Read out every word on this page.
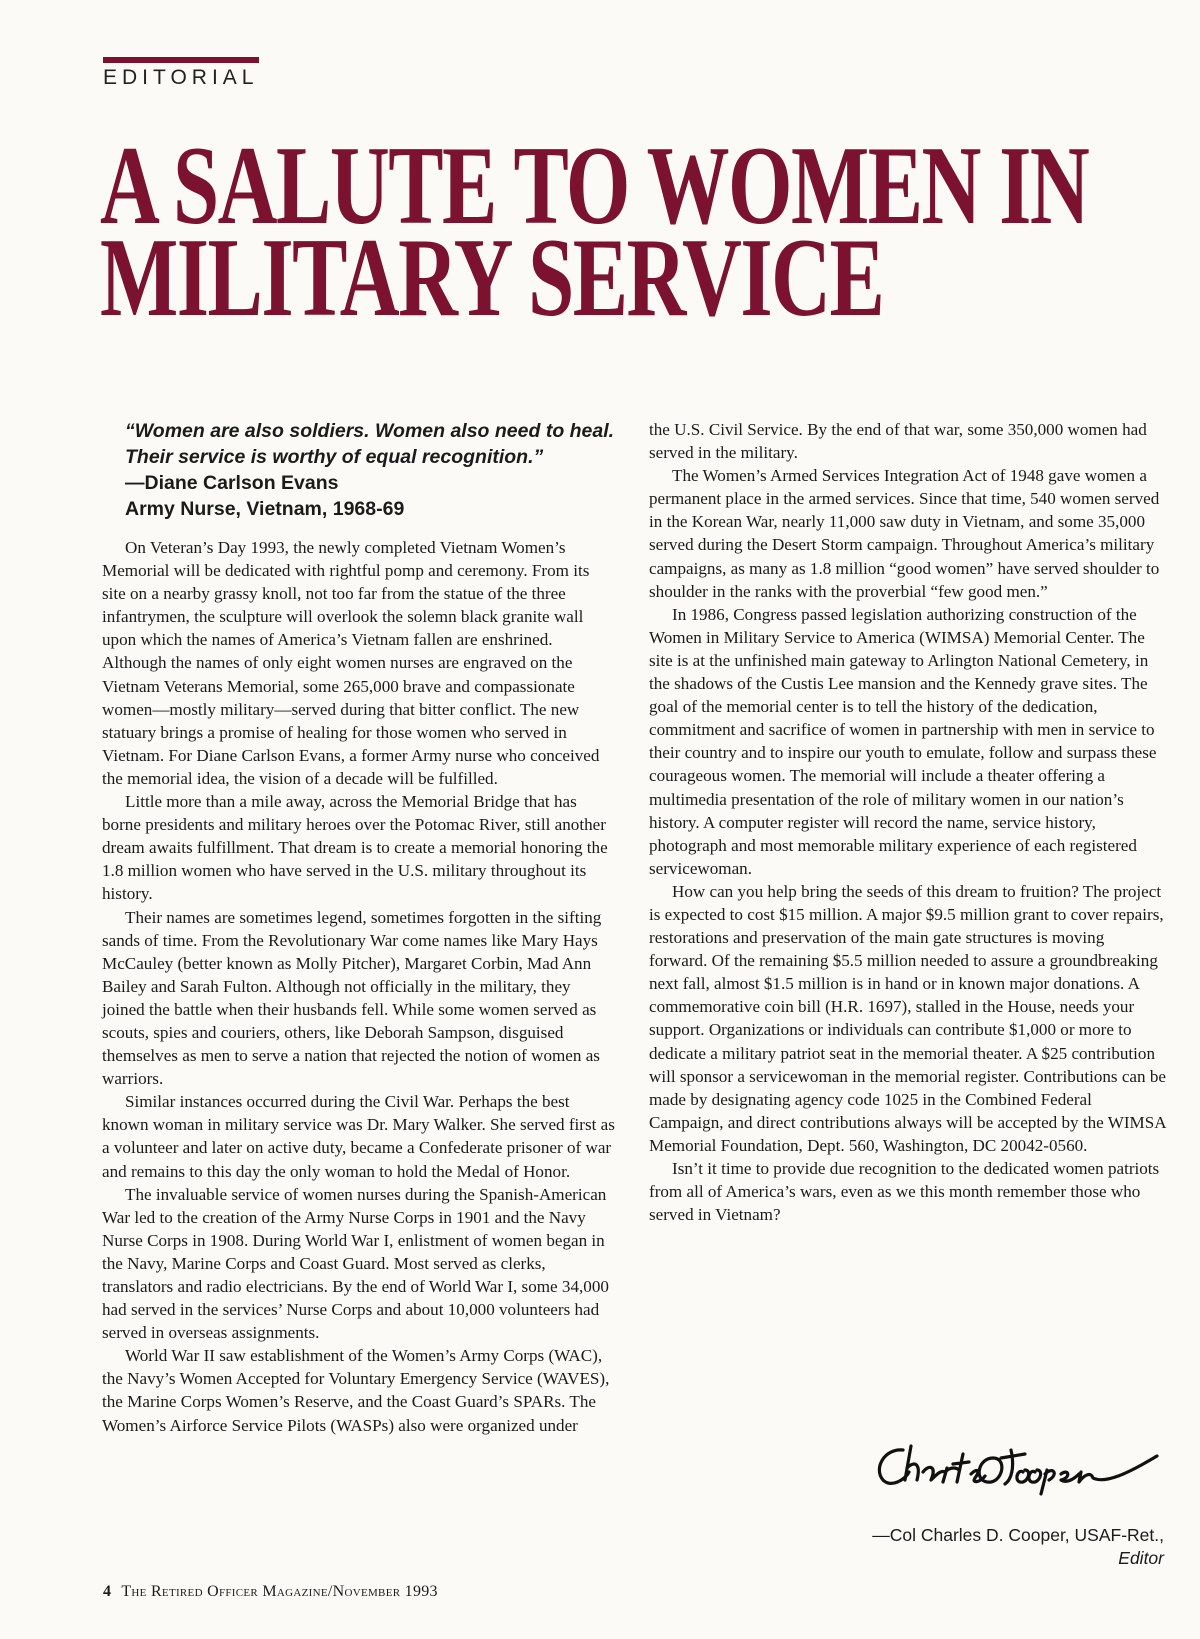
EDITORIAL
A SALUTE TO WOMEN IN
MILITARY SERVICE

“Women are also soldiers. Women also need to heal.

Their service is worthy of equal recognition.”

—Diane Carlson Evans

Army Nurse, Vietnam, 1968-69

On Veteran’s Day 1993, the newly completed Vietnam Women’s Memorial will be dedicated with rightful pomp and ceremony. From its site on a nearby grassy knoll, not too far from the statue of the three infantrymen, the sculpture will overlook the solemn black granite wall upon which the names of America’s Vietnam fallen are enshrined. Although the names of only eight women nurses are engraved on the Vietnam Veterans Memorial, some 265,000 brave and compassionate women—mostly military—served during that bitter conflict. The new statuary brings a promise of healing for those women who served in Vietnam. For Diane Carlson Evans, a former Army nurse who conceived the memorial idea, the vision of a decade will be fulfilled.

Little more than a mile away, across the Memorial Bridge that has borne presidents and military heroes over the Potomac River, still another dream awaits fulfillment. That dream is to create a memorial honoring the 1.8 million women who have served in the U.S. military throughout its history.

Their names are sometimes legend, sometimes forgotten in the sifting sands of time. From the Revolutionary War come names like Mary Hays McCauley (better known as Molly Pitcher), Margaret Corbin, Mad Ann Bailey and Sarah Fulton. Although not officially in the military, they joined the battle when their husbands fell. While some women served as scouts, spies and couriers, others, like Deborah Sampson, disguised themselves as men to serve a nation that rejected the notion of women as warriors.

Similar instances occurred during the Civil War. Perhaps the best known woman in military service was Dr. Mary Walker. She served first as a volunteer and later on active duty, became a Confederate prisoner of war and remains to this day the only woman to hold the Medal of Honor.

The invaluable service of women nurses during the Spanish-American War led to the creation of the Army Nurse Corps in 1901 and the Navy Nurse Corps in 1908. During World War I, enlistment of women began in the Navy, Marine Corps and Coast Guard. Most served as clerks, translators and radio electricians. By the end of World War I, some 34,000 had served in the services’ Nurse Corps and about 10,000 volunteers had served in overseas assignments.

World War II saw establishment of the Women’s Army Corps (WAC), the Navy’s Women Accepted for Voluntary Emergency Service (WAVES), the Marine Corps Women’s Reserve, and the Coast Guard’s SPARs. The Women’s Airforce Service Pilots (WASPs) also were organized under

the U.S. Civil Service. By the end of that war, some 350,000 women had served in the military.

The Women’s Armed Services Integration Act of 1948 gave women a permanent place in the armed services. Since that time, 540 women served in the Korean War, nearly 11,000 saw duty in Vietnam, and some 35,000 served during the Desert Storm campaign. Throughout America’s military campaigns, as many as 1.8 million “good women” have served shoulder to shoulder in the ranks with the proverbial “few good men.”

In 1986, Congress passed legislation authorizing construction of the Women in Military Service to America (WIMSA) Memorial Center. The site is at the unfinished main gateway to Arlington National Cemetery, in the shadows of the Custis Lee mansion and the Kennedy grave sites. The goal of the memorial center is to tell the history of the dedication, commitment and sacrifice of women in partnership with men in service to their country and to inspire our youth to emulate, follow and surpass these courageous women. The memorial will include a theater offering a multimedia presentation of the role of military women in our nation’s history. A computer register will record the name, service history, photograph and most memorable military experience of each registered servicewoman.

How can you help bring the seeds of this dream to fruition? The project is expected to cost $15 million. A major $9.5 million grant to cover repairs, restorations and preservation of the main gate structures is moving forward. Of the remaining $5.5 million needed to assure a groundbreaking next fall, almost $1.5 million is in hand or in known major donations. A commemorative coin bill (H.R. 1697), stalled in the House, needs your support. Organizations or individuals can contribute $1,000 or more to dedicate a military patriot seat in the memorial theater. A $25 contribution will sponsor a servicewoman in the memorial register. Contributions can be made by designating agency code 1025 in the Combined Federal Campaign, and direct contributions always will be accepted by the WIMSA Memorial Foundation, Dept. 560, Washington, DC 20042-0560.

Isn’t it time to provide due recognition to the dedicated women patriots from all of America’s wars, even as we this month remember those who served in Vietnam?

—Col Charles D. Cooper, USAF-Ret.,
Editor
4 The Retired Officer Magazine/November 1993
